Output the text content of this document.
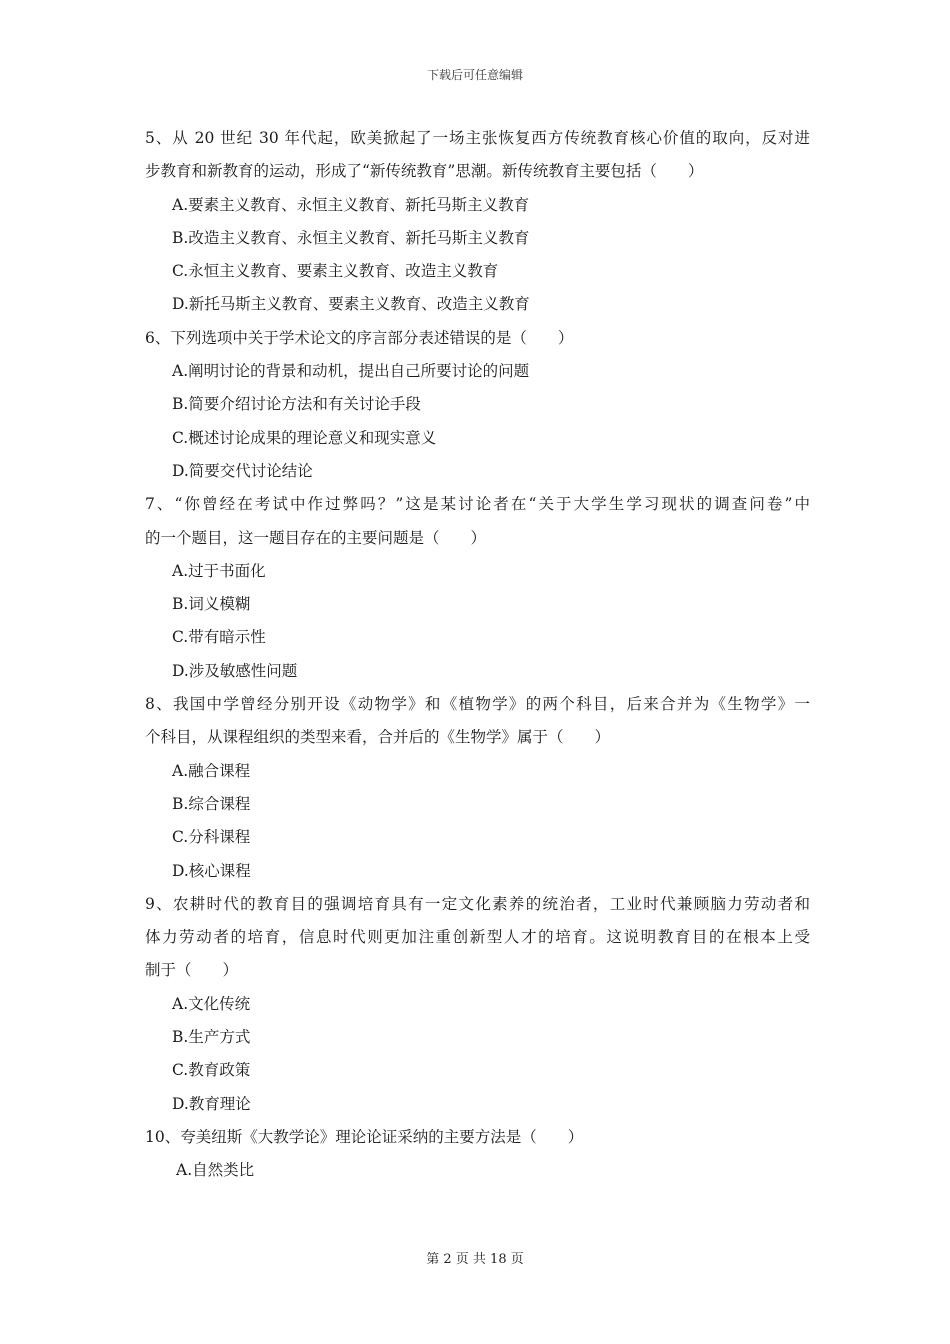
下载后可任意编辑
5、从 20 世纪 30 年代起，欧美掀起了一场主张恢复西方传统教育核心价值的取向，反对进
步教育和新教育的运动，形成了“新传统教育”思潮。新传统教育主要包括（　　）
A.要素主义教育、永恒主义教育、新托马斯主义教育
B.改造主义教育、永恒主义教育、新托马斯主义教育
C.永恒主义教育、要素主义教育、改造主义教育
D.新托马斯主义教育、要素主义教育、改造主义教育
6、下列选项中关于学术论文的序言部分表述错误的是（　　）
A.阐明讨论的背景和动机，提出自己所要讨论的问题
B.简要介绍讨论方法和有关讨论手段
C.概述讨论成果的理论意义和现实意义
D.简要交代讨论结论
7、“你曾经在考试中作过弊吗？”这是某讨论者在“关于大学生学习现状的调查问卷”中
的一个题目，这一题目存在的主要问题是（　　）
A.过于书面化
B.词义模糊
C.带有暗示性
D.涉及敏感性问题
8、我国中学曾经分别开设《动物学》和《植物学》的两个科目，后来合并为《生物学》一
个科目，从课程组织的类型来看，合并后的《生物学》属于（　　）
A.融合课程
B.综合课程
C.分科课程
D.核心课程
9、农耕时代的教育目的强调培育具有一定文化素养的统治者，工业时代兼顾脑力劳动者和
体力劳动者的培育，信息时代则更加注重创新型人才的培育。这说明教育目的在根本上受
制于（　　）
A.文化传统
B.生产方式
C.教育政策
D.教育理论
10、夸美纽斯《大教学论》理论论证采纳的主要方法是（　　）
A.自然类比
第 2 页 共 18 页
